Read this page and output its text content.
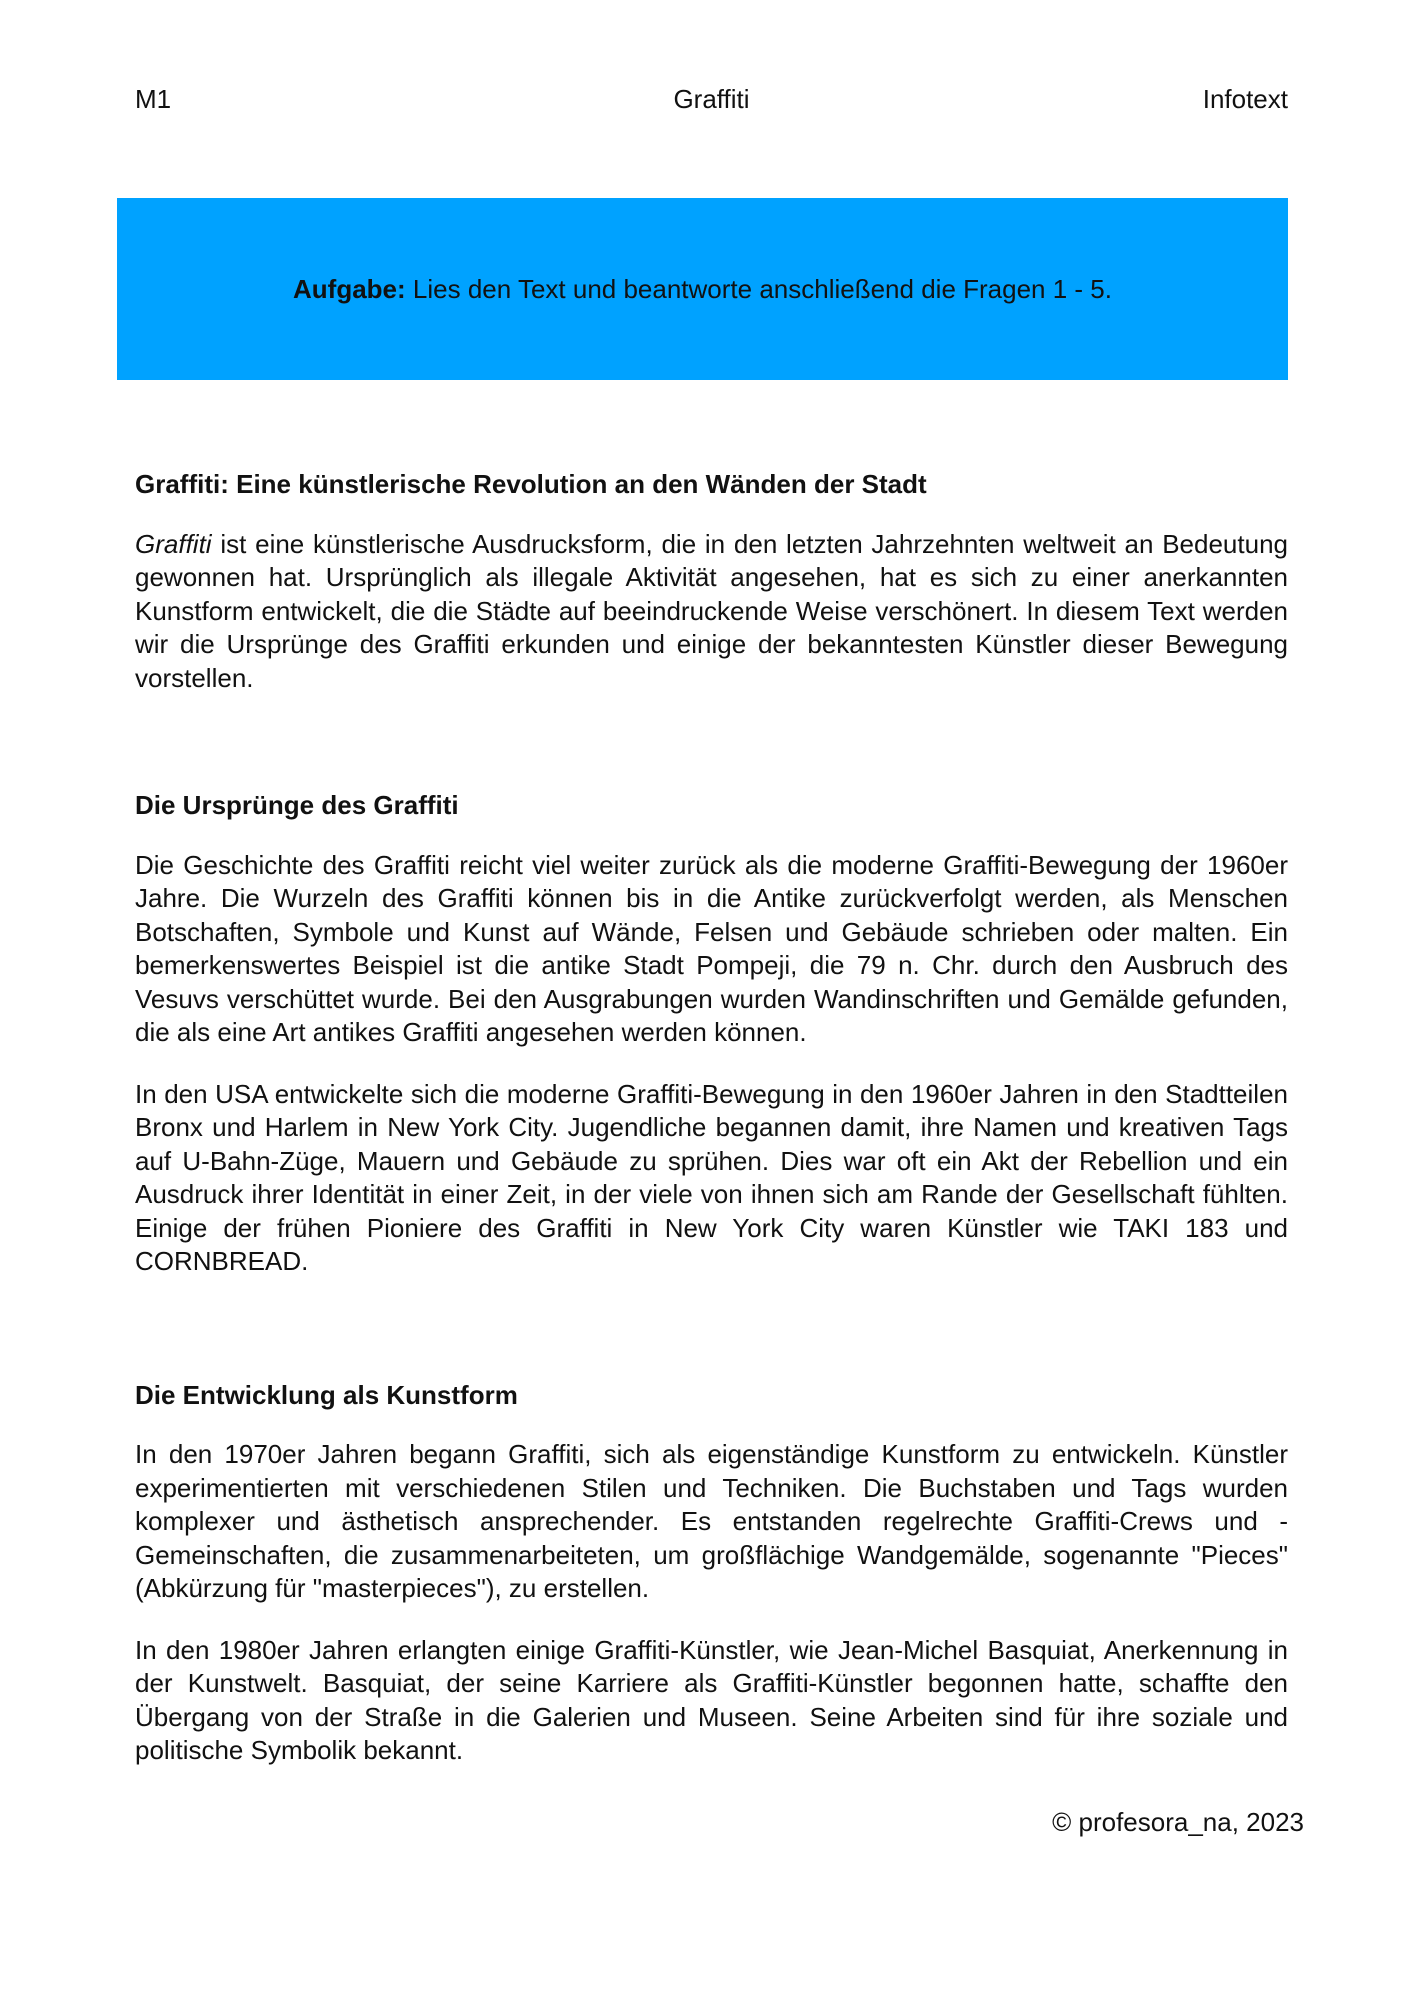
M1	Graffiti	Infotext
Aufgabe: Lies den Text und beantworte anschließend die Fragen 1 - 5.
Graffiti: Eine künstlerische Revolution an den Wänden der Stadt

Graffiti ist eine künstlerische Ausdrucksform, die in den letzten Jahrzehnten weltweit an Bedeutung gewonnen hat. Ursprünglich als illegale Aktivität angesehen, hat es sich zu einer anerkannten Kunstform entwickelt, die die Städte auf beeindruckende Weise verschönert. In diesem Text werden wir die Ursprünge des Graffiti erkunden und einige der bekanntesten Künstler dieser Bewegung vorstellen.

Die Ursprünge des Graffiti

Die Geschichte des Graffiti reicht viel weiter zurück als die moderne Graffiti-Bewegung der 1960er Jahre. Die Wurzeln des Graffiti können bis in die Antike zurückverfolgt werden, als Menschen Botschaften, Symbole und Kunst auf Wände, Felsen und Gebäude schrieben oder malten. Ein bemerkenswertes Beispiel ist die antike Stadt Pompeji, die 79 n. Chr. durch den Ausbruch des Vesuvs verschüttet wurde. Bei den Ausgrabungen wurden Wandinschriften und Gemälde gefunden, die als eine Art antikes Graffiti angesehen werden können.

In den USA entwickelte sich die moderne Graffiti-Bewegung in den 1960er Jahren in den Stadtteilen Bronx und Harlem in New York City. Jugendliche begannen damit, ihre Namen und kreativen Tags auf U-Bahn-Züge, Mauern und Gebäude zu sprühen. Dies war oft ein Akt der Rebellion und ein Ausdruck ihrer Identität in einer Zeit, in der viele von ihnen sich am Rande der Gesellschaft fühlten. Einige der frühen Pioniere des Graffiti in New York City waren Künstler wie TAKI 183 und CORNBREAD.

Die Entwicklung als Kunstform

In den 1970er Jahren begann Graffiti, sich als eigenständige Kunstform zu entwickeln. Künstler experimentierten mit verschiedenen Stilen und Techniken. Die Buchstaben und Tags wurden komplexer und ästhetisch ansprechender. Es entstanden regelrechte Graffiti-Crews und -Gemeinschaften, die zusammenarbeiteten, um großflächige Wandgemälde, sogenannte "Pieces" (Abkürzung für "masterpieces"), zu erstellen.

In den 1980er Jahren erlangten einige Graffiti-Künstler, wie Jean-Michel Basquiat, Anerkennung in der Kunstwelt. Basquiat, der seine Karriere als Graffiti-Künstler begonnen hatte, schaffte den Übergang von der Straße in die Galerien und Museen. Seine Arbeiten sind für ihre soziale und politische Symbolik bekannt.

© profesora_na, 2023
